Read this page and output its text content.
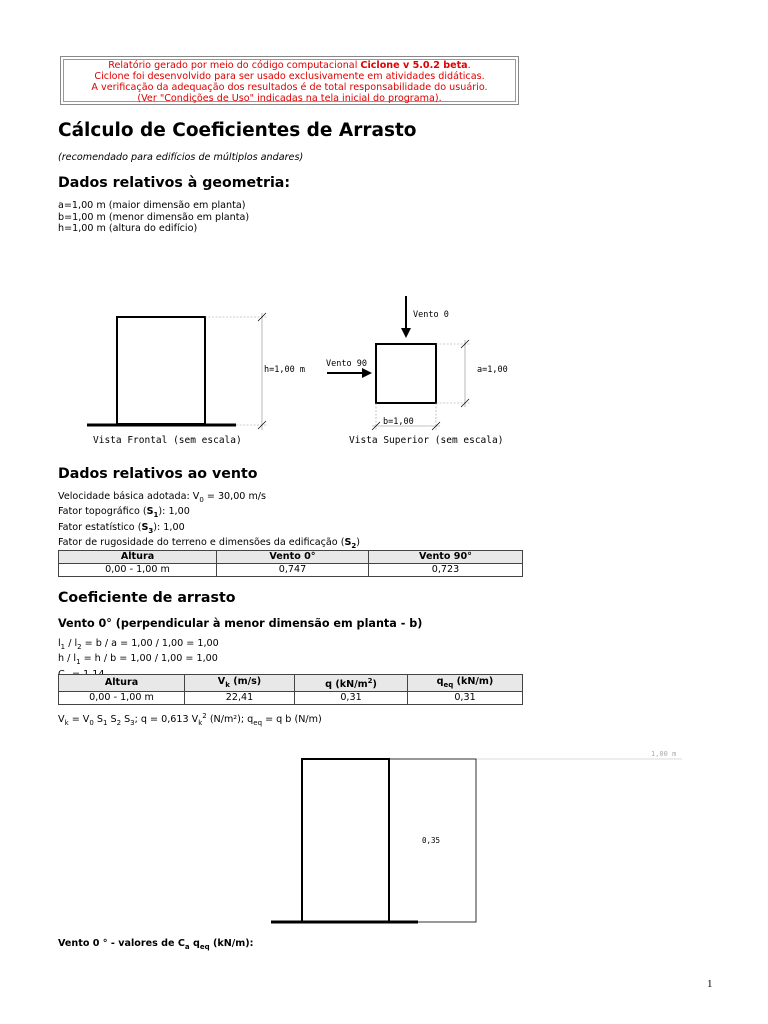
Relatório gerado por meio do código computacional Ciclone v 5.0.2 beta.
Ciclone foi desenvolvido para ser usado exclusivamente em atividades didáticas.
A verificação da adequação dos resultados é de total responsabilidade do usuário.
(Ver "Condições de Uso" indicadas na tela inicial do programa).
Cálculo de Coeficientes de Arrasto
(recomendado para edifícios de múltiplos andares)
Dados relativos à geometria:
a=1,00 m (maior dimensão em planta)
b=1,00 m (menor dimensão em planta)
h=1,00 m (altura do edifício)
h=1,00 m
Vista Frontal (sem escala)
Vento 0
Vento 90
a=1,00
b=1,00
Vista Superior (sem escala)
Dados relativos ao vento
Velocidade básica adotada: $V_0 = 30,00$ m/s
Fator topográfico $(S_1)$: 1,00
Fator estatístico $(S_3)$: 1,00
Fator de rugosidade do terreno e dimensões da edificação $(S_2)$
Altura	Vento 0°	Vento 90°
0,00 - 1,00 m	0,747	0,723
Coeficiente de arrasto
Vento 0° (perpendicular à menor dimensão em planta - b)
$l_1 / l_2 = b / a = 1,00 / 1,00 = 1,00$
$h / l_1 = h / b = 1,00 / 1,00 = 1,00$
Altura	$V_k$ (m/s)	q $(kN/m^2)$	$q_{eq}$ (kN/m)
0,00 - 1,00 m	22,41	0,31	0,31
$V_k = V_0$ $S_1$ $S_2$ $S_3$; q = 0,613 $V_k^2$ (N/m²); $q_{eq} = q$ b (N/m)
1,00 m
0,35
Vento 0 ° - valores de $C_a$ $q_{eq}$ (kN/m):
1
